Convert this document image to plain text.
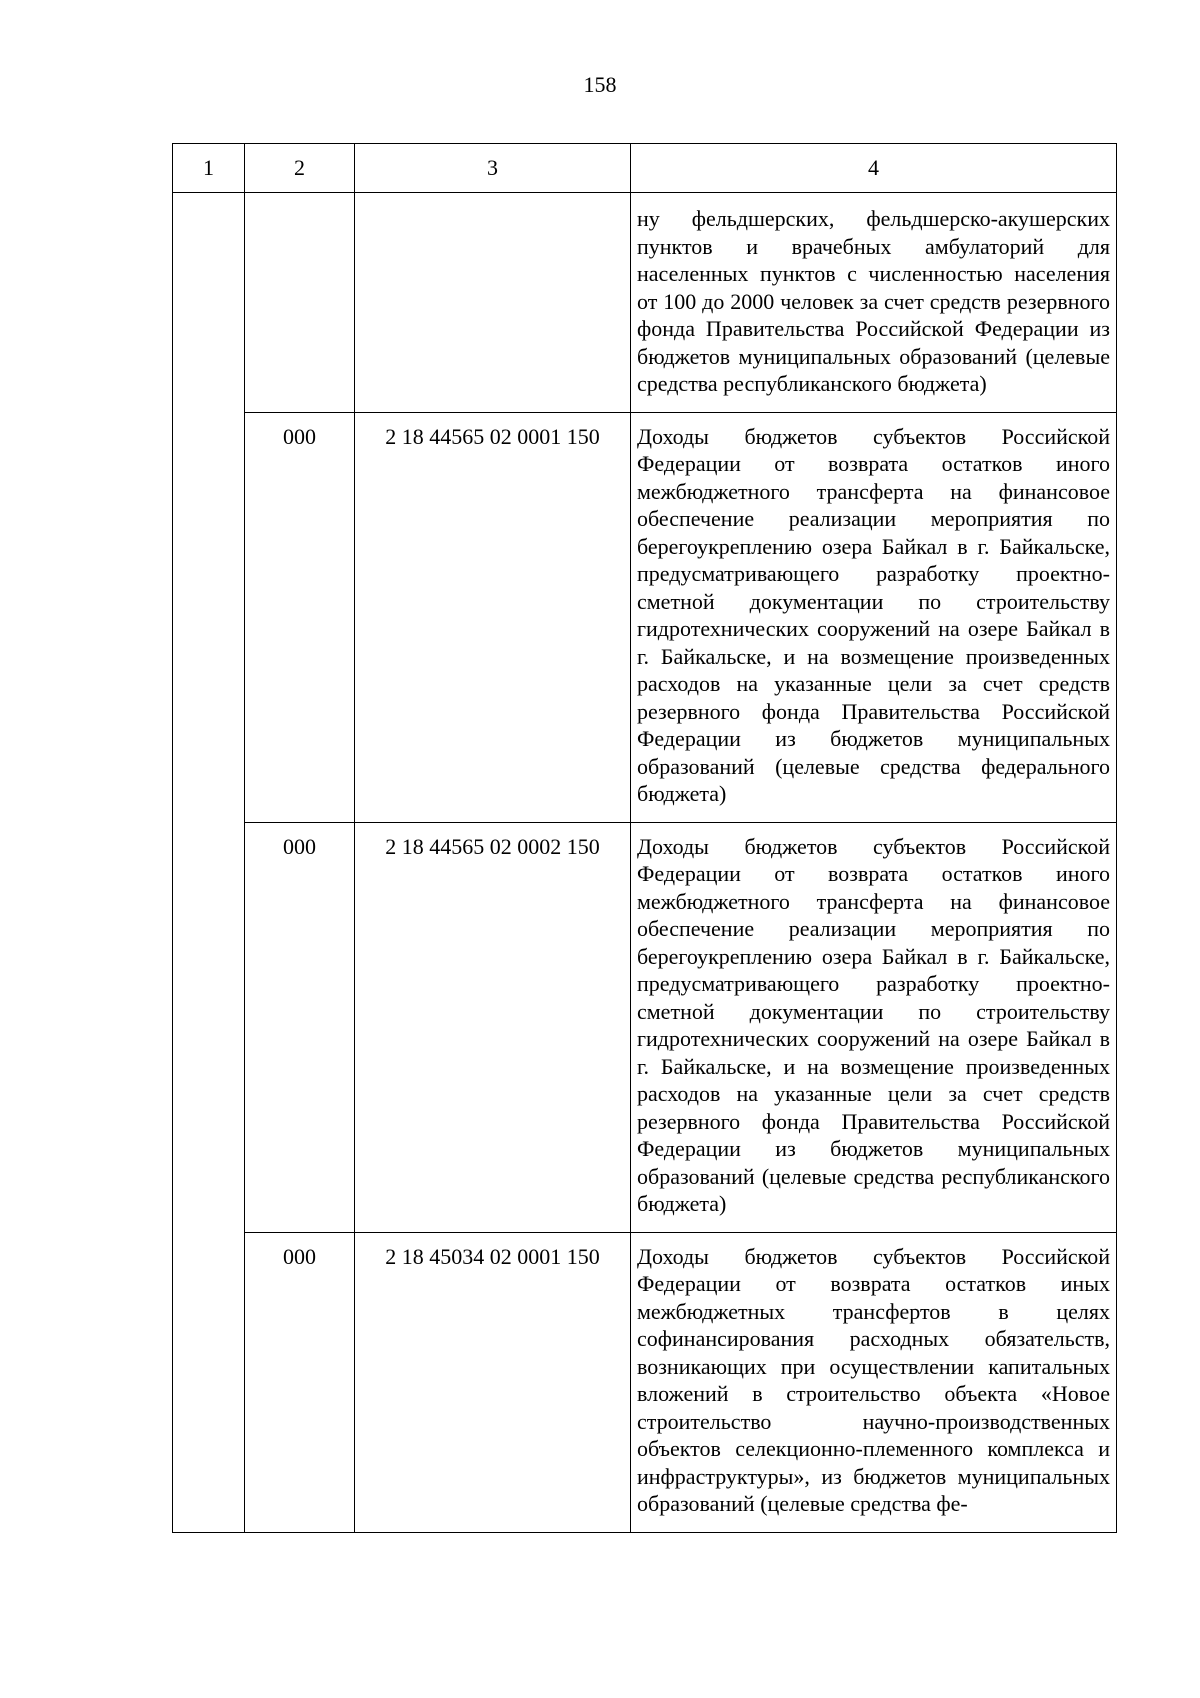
158
1	2	3	4

			ну фельдшерских, фельдшерско-акушерских пунктов и врачебных амбулаторий для населенных пунктов с численностью населения от 100 до 2000 человек за счет средств резервного фонда Правительства Российской Федерации из бюджетов муниципальных образований (целевые средства республиканского бюджета)

	000	2 18 44565 02 0001 150	Доходы бюджетов субъектов Российской Федерации от возврата остатков иного межбюджетного трансферта на финансовое обеспечение реализации мероприятия по берегоукреплению озера Байкал в г. Байкальске, предусматривающего разработку проектно-сметной документации по строительству гидротехнических сооружений на озере Байкал в г. Байкальске, и на возмещение произведенных расходов на указанные цели за счет средств резервного фонда Правительства Российской Федерации из бюджетов муниципальных образований (целевые средства федерального бюджета)

	000	2 18 44565 02 0002 150	Доходы бюджетов субъектов Российской Федерации от возврата остатков иного межбюджетного трансферта на финансовое обеспечение реализации мероприятия по берегоукреплению озера Байкал в г. Байкальске, предусматривающего разработку проектно-сметной документации по строительству гидротехнических сооружений на озере Байкал в г. Байкальске, и на возмещение произведенных расходов на указанные цели за счет средств резервного фонда Правительства Российской Федерации из бюджетов муниципальных образований (целевые средства республиканского бюджета)

	000	2 18 45034 02 0001 150	Доходы бюджетов субъектов Российской Федерации от возврата остатков иных межбюджетных трансфертов в целях софинансирования расходных обязательств, возникающих при осуществлении капитальных вложений в строительство объекта «Новое строительство научно-производственных объектов селекционно-племенного комплекса и инфраструктуры», из бюджетов муниципальных образований (целевые средства фе-
